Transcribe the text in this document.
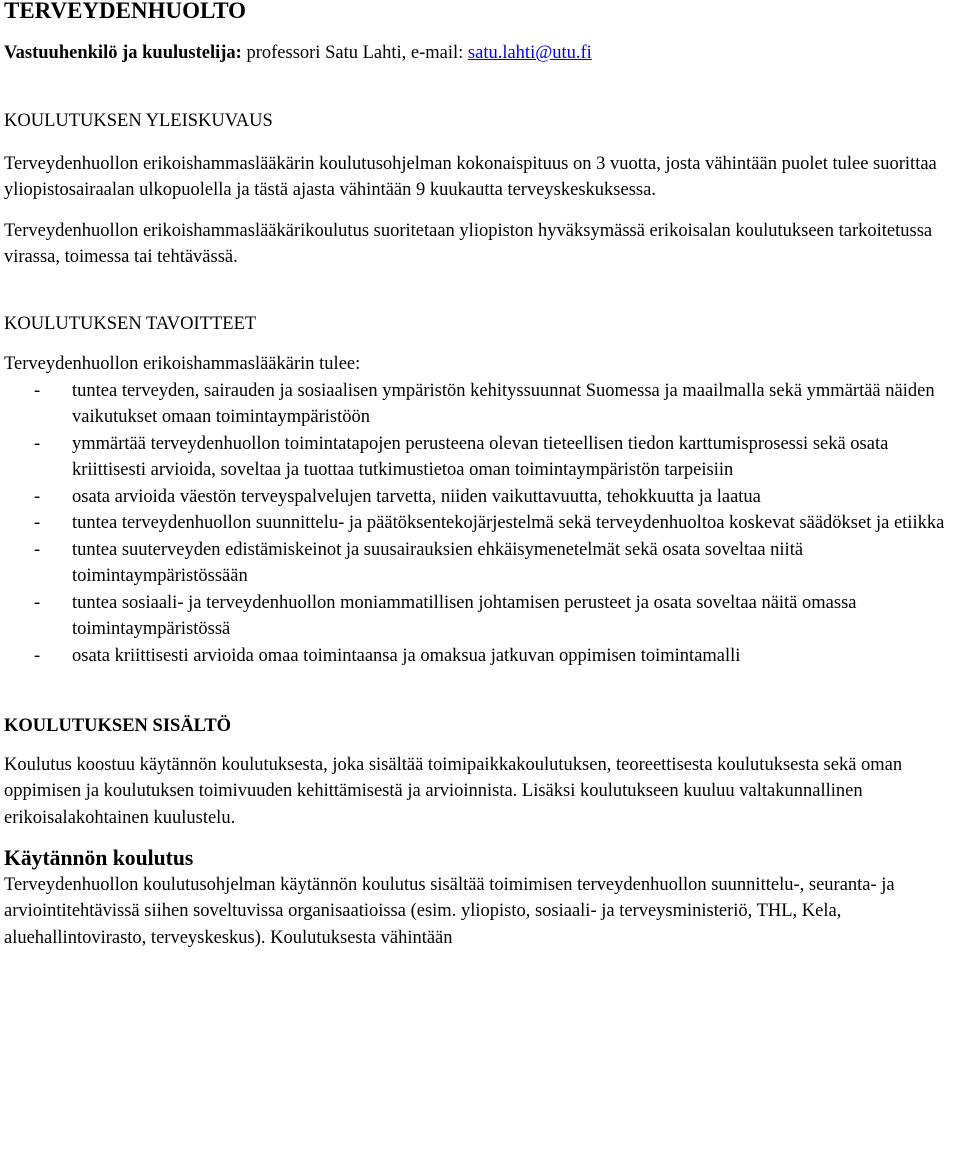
TERVEYDENHUOLTO
Vastuuhenkilö ja kuulustelija: professori Satu Lahti, e-mail: satu.lahti@utu.fi
KOULUTUKSEN YLEISKUVAUS

Terveydenhuollon erikoishammaslääkärin koulutusohjelman kokonaispituus on 3 vuotta, josta vähintään puolet tulee suorittaa yliopistosairaalan ulkopuolella ja tästä ajasta vähintään 9 kuukautta terveyskeskuksessa.

Terveydenhuollon erikoishammaslääkärikoulutus suoritetaan yliopiston hyväksymässä erikoisalan koulutukseen tarkoitetussa virassa, toimessa tai tehtävässä.

KOULUTUKSEN TAVOITTEET

Terveydenhuollon erikoishammaslääkärin tulee:

- tuntea terveyden, sairauden ja sosiaalisen ympäristön kehityssuunnat Suomessa ja maailmalla sekä ymmärtää näiden vaikutukset omaan toimintaympäristöön
- ymmärtää terveydenhuollon toimintatapojen perusteena olevan tieteellisen tiedon karttumisprosessi sekä osata kriittisesti arvioida, soveltaa ja tuottaa tutkimustietoa oman toimintaympäristön tarpeisiin
- osata arvioida väestön terveyspalvelujen tarvetta, niiden vaikuttavuutta, tehokkuutta ja laatua
- tuntea terveydenhuollon suunnittelu- ja päätöksentekojärjestelmä sekä terveydenhuoltoa koskevat säädökset ja etiikka
- tuntea suuterveyden edistämiskeinot ja suusairauksien ehkäisymenetelmät sekä osata soveltaa niitä toimintaympäristössään
- tuntea sosiaali- ja terveydenhuollon moniammatillisen johtamisen perusteet ja osata soveltaa näitä omassa toimintaympäristössä
- osata kriittisesti arvioida omaa toimintaansa ja omaksua jatkuvan oppimisen toimintamalli
KOULUTUKSEN SISÄLTÖ

Koulutus koostuu käytännön koulutuksesta, joka sisältää toimipaikkakoulutuksen, teoreettisesta koulutuksesta sekä oman oppimisen ja koulutuksen toimivuuden kehittämisestä ja arvioinnista. Lisäksi koulutukseen kuuluu valtakunnallinen erikoisalakohtainen kuulustelu.

Käytännön koulutus

Terveydenhuollon koulutusohjelman käytännön koulutus sisältää toimimisen terveydenhuollon suunnittelu-, seuranta- ja arviointitehtävissä siihen soveltuvissa organisaatioissa (esim. yliopisto, sosiaali- ja terveysministeriö, THL, Kela, aluehallintovirasto, terveyskeskus). Koulutuksesta vähintään
